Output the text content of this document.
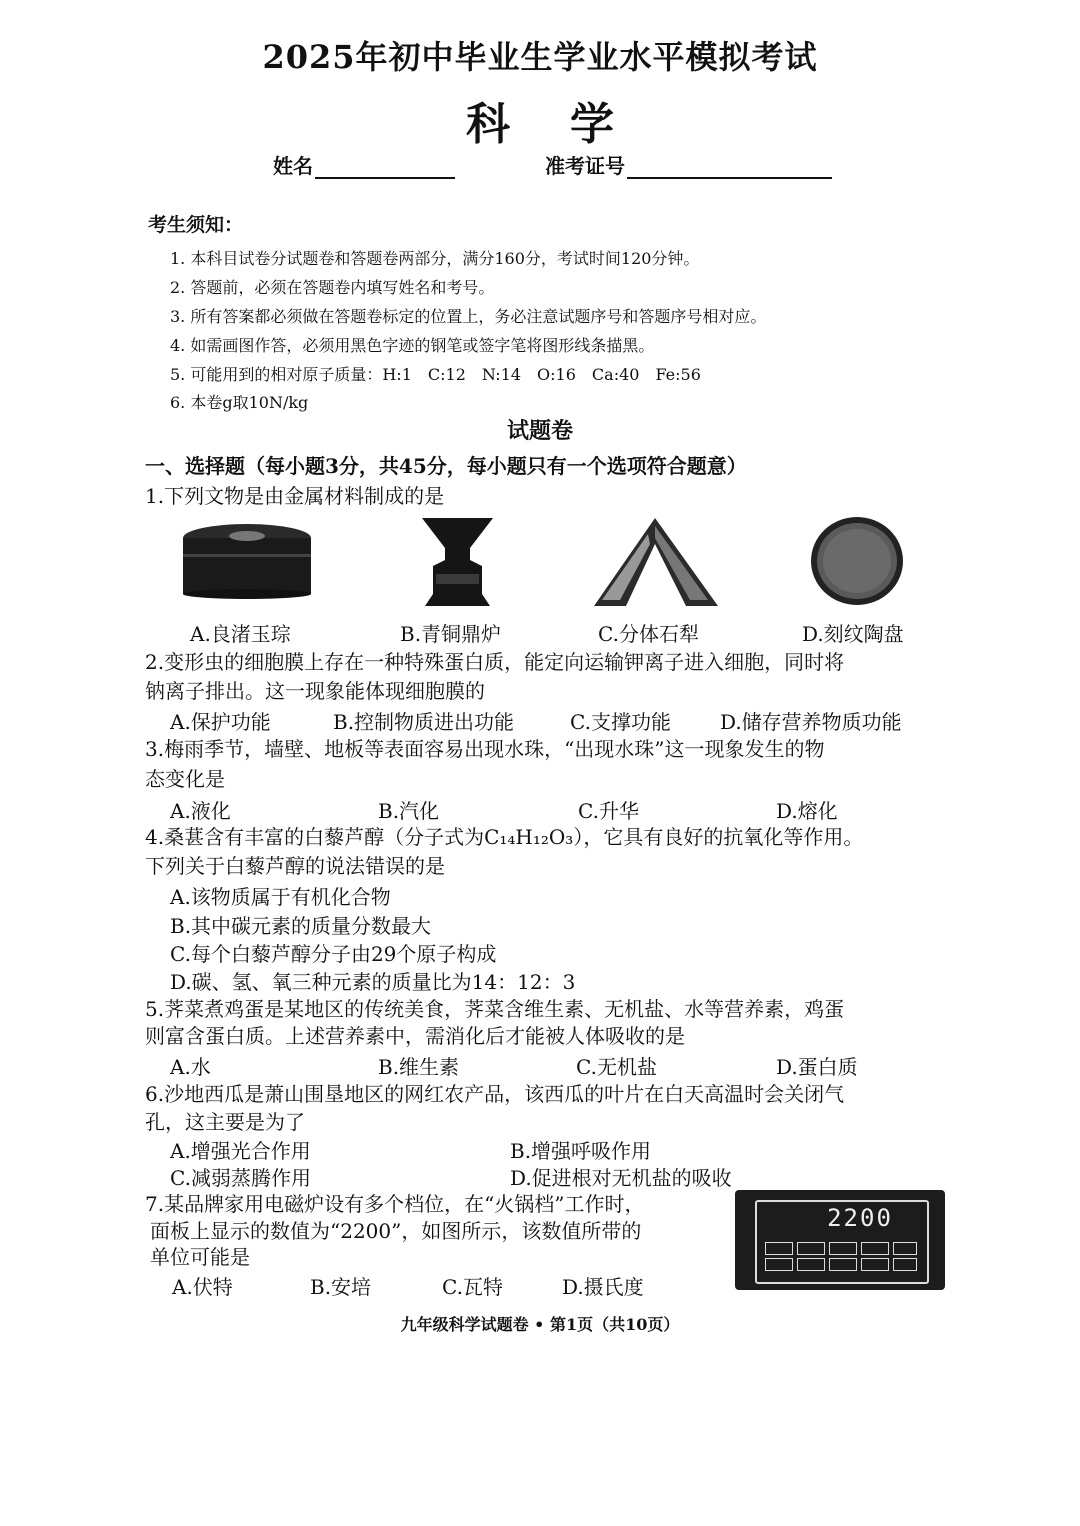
2025年初中毕业生学业水平模拟考试
科学
姓名	准考证号
考生须知：
1. 本科目试卷分试题卷和答题卷两部分，满分160分，考试时间120分钟。
2. 答题前，必须在答题卷内填写姓名和考号。
3. 所有答案都必须做在答题卷标定的位置上，务必注意试题序号和答题序号相对应。
4. 如需画图作答，必须用黑色字迹的钢笔或签字笔将图形线条描黑。
5. 可能用到的相对原子质量：H:1　C:12　N:14　O:16　Ca:40　Fe:56
6. 本卷g取10N/kg
试题卷
一、选择题（每小题3分，共45分，每小题只有一个选项符合题意）
1.下列文物是由金属材料制成的是
A.良渚玉琮	B.青铜鼎炉	C.分体石犁	D.刻纹陶盘
2.变形虫的细胞膜上存在一种特殊蛋白质，能定向运输钾离子进入细胞，同时将
钠离子排出。这一现象能体现细胞膜的
A.保护功能	B.控制物质进出功能	C.支撑功能 D.储存营养物质功能
3.梅雨季节，墙壁、地板等表面容易出现水珠，“出现水珠”这一现象发生的物
态变化是
A.液化	B.汽化	C.升华	D.熔化
4.桑葚含有丰富的白藜芦醇（分子式为C₁₄H₁₂O₃），它具有良好的抗氧化等作用。
下列关于白藜芦醇的说法错误的是
A.该物质属于有机化合物
B.其中碳元素的质量分数最大
C.每个白藜芦醇分子由29个原子构成
D.碳、氢、氧三种元素的质量比为14：12：3
5.荠菜煮鸡蛋是某地区的传统美食，荠菜含维生素、无机盐、水等营养素，鸡蛋
则富含蛋白质。上述营养素中，需消化后才能被人体吸收的是
A.水	B.维生素	C.无机盐	D.蛋白质
6.沙地西瓜是萧山围垦地区的网红农产品，该西瓜的叶片在白天高温时会关闭气
孔，这主要是为了
A.增强光合作用	B.增强呼吸作用
C.减弱蒸腾作用	D.促进根对无机盐的吸收
7.某品牌家用电磁炉设有多个档位，在“火锅档”工作时，
面板上显示的数值为“2200”，如图所示，该数值所带的
单位可能是
A.伏特	B.安培	C.瓦特	D.摄氏度
2200
九年级科学试题卷 • 第1页（共10页）
